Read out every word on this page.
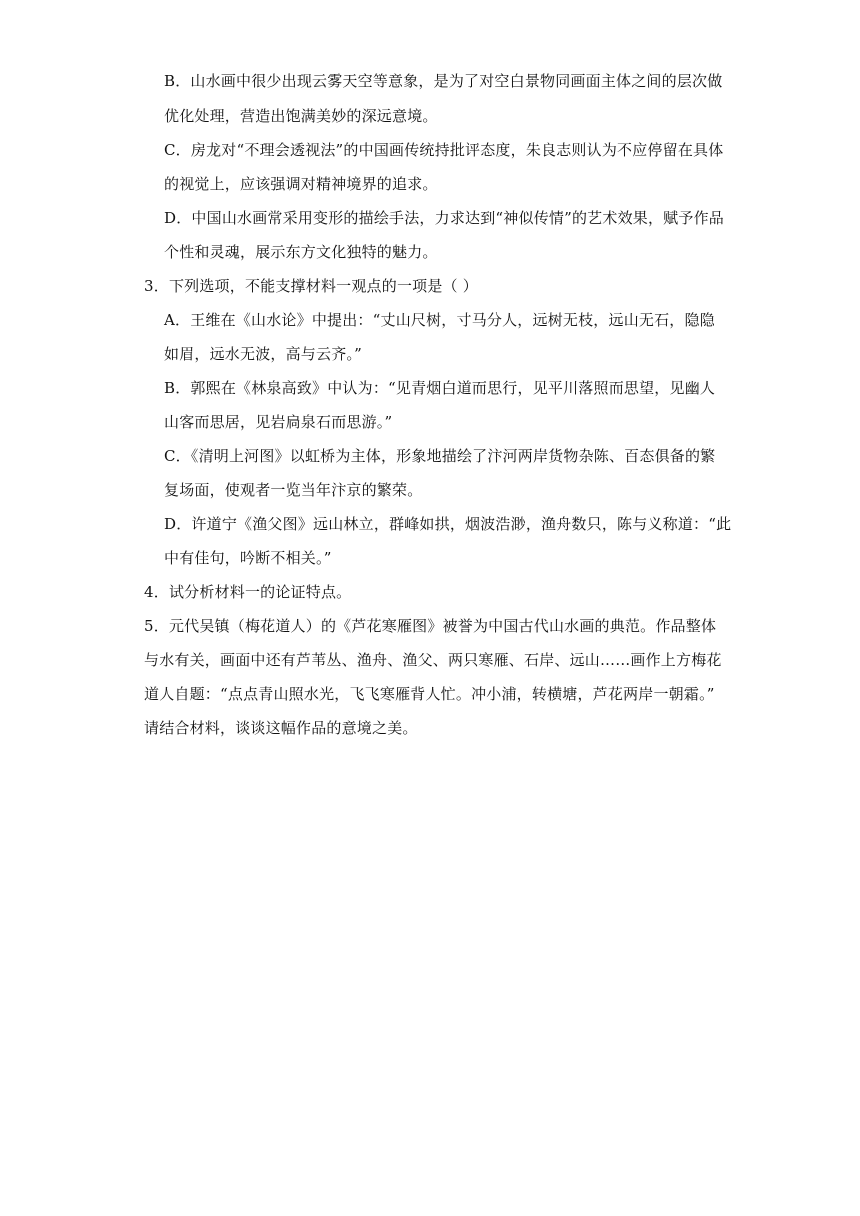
B．山水画中很少出现云雾天空等意象，是为了对空白景物同画面主体之间的层次做
优化处理，营造出饱满美妙的深远意境。
C．房龙对“不理会透视法”的中国画传统持批评态度，朱良志则认为不应停留在具体
的视觉上，应该强调对精神境界的追求。
D．中国山水画常采用变形的描绘手法，力求达到“神似传情”的艺术效果，赋予作品
个性和灵魂，展示东方文化独特的魅力。
3．下列选项，不能支撑材料一观点的一项是（ ）
A．王维在《山水论》中提出：“丈山尺树，寸马分人，远树无枝，远山无石，隐隐
如眉，远水无波，高与云齐。”
B．郭熙在《林泉高致》中认为：“见青烟白道而思行，见平川落照而思望，见幽人
山客而思居，见岩扃泉石而思游。”
C．《清明上河图》以虹桥为主体，形象地描绘了汴河两岸货物杂陈、百态俱备的繁
复场面，使观者一览当年汴京的繁荣。
D．许道宁《渔父图》远山林立，群峰如拱，烟波浩渺，渔舟数只，陈与义称道：“此
中有佳句，吟断不相关。”
4．试分析材料一的论证特点。
5．元代吴镇（梅花道人）的《芦花寒雁图》被誉为中国古代山水画的典范。作品整体
与水有关，画面中还有芦苇丛、渔舟、渔父、两只寒雁、石岸、远山……画作上方梅花
道人自题：“点点青山照水光，飞飞寒雁背人忙。冲小浦，转横塘，芦花两岸一朝霜。”
请结合材料，谈谈这幅作品的意境之美。
